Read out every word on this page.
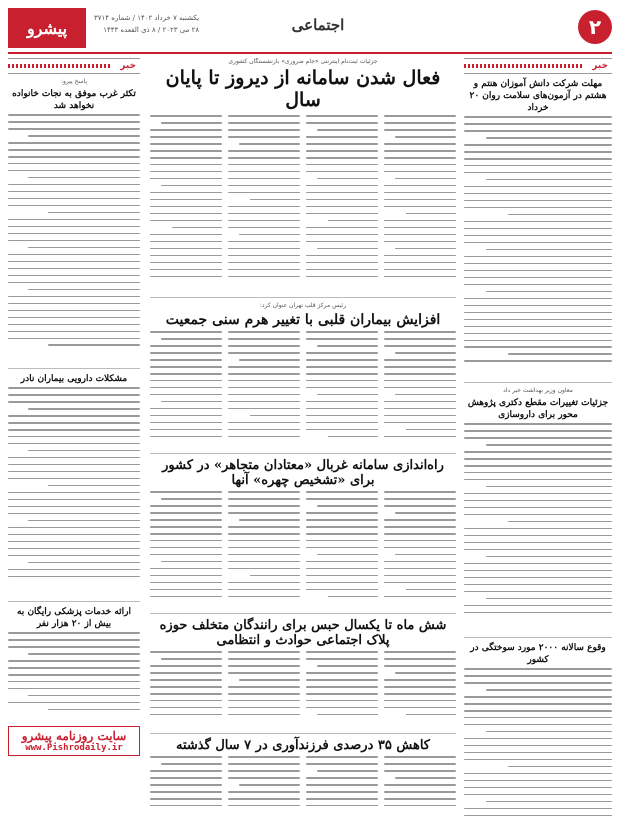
۲
اجتماعی
یکشنبه ۷ خرداد ۱۴۰۲ / شماره ۳۷۱۴
۲۸ می ۲۰۲۳ / ۸ ذی القعده ۱۴۴۴
پیشرو
خبر
مهلت شرکت دانش آموزان هنتم و هشتم در آزمون‌های سلامت روان ۲۰ خرداد
معاون وزیر بهداشت خبر داد
جزئیات تغییرات مقطع دکتری پژوهش محور برای داروسازی
وقوع سالانه ۲۰۰۰ مورد سوختگی در کشور
خبر
پاسخ پیرو:
تکثر غرب موفق به نجات خانواده نخواهد شد
مشکلات دارویی بیماران نادر
ارائه خدمات پزشکی رایگان به بیش از ۲۰ هزار نفر
سایت روزنامه پیشرو
www.Pishrodaily.ir
جزئیات ثبت‌نام اینترنتی «جام ضروری» بازنشستگان کشوری
فعال شدن سامانه از دیروز تا پایان سال
رئیس مرکز قلب تهران عنوان کرد:
افزایش بیماران قلبی با تغییر هرم سنی جمعیت
راه‌اندازی سامانه غربال «معتادان متجاهر» در کشور برای «تشخیص چهره» آنها
شش ماه تا یکسال حبس برای رانندگان متخلف حوزه پلاک اجتماعی حوادث و انتظامی
کاهش ۳۵ درصدی فرزندآوری در ۷ سال گذشته
